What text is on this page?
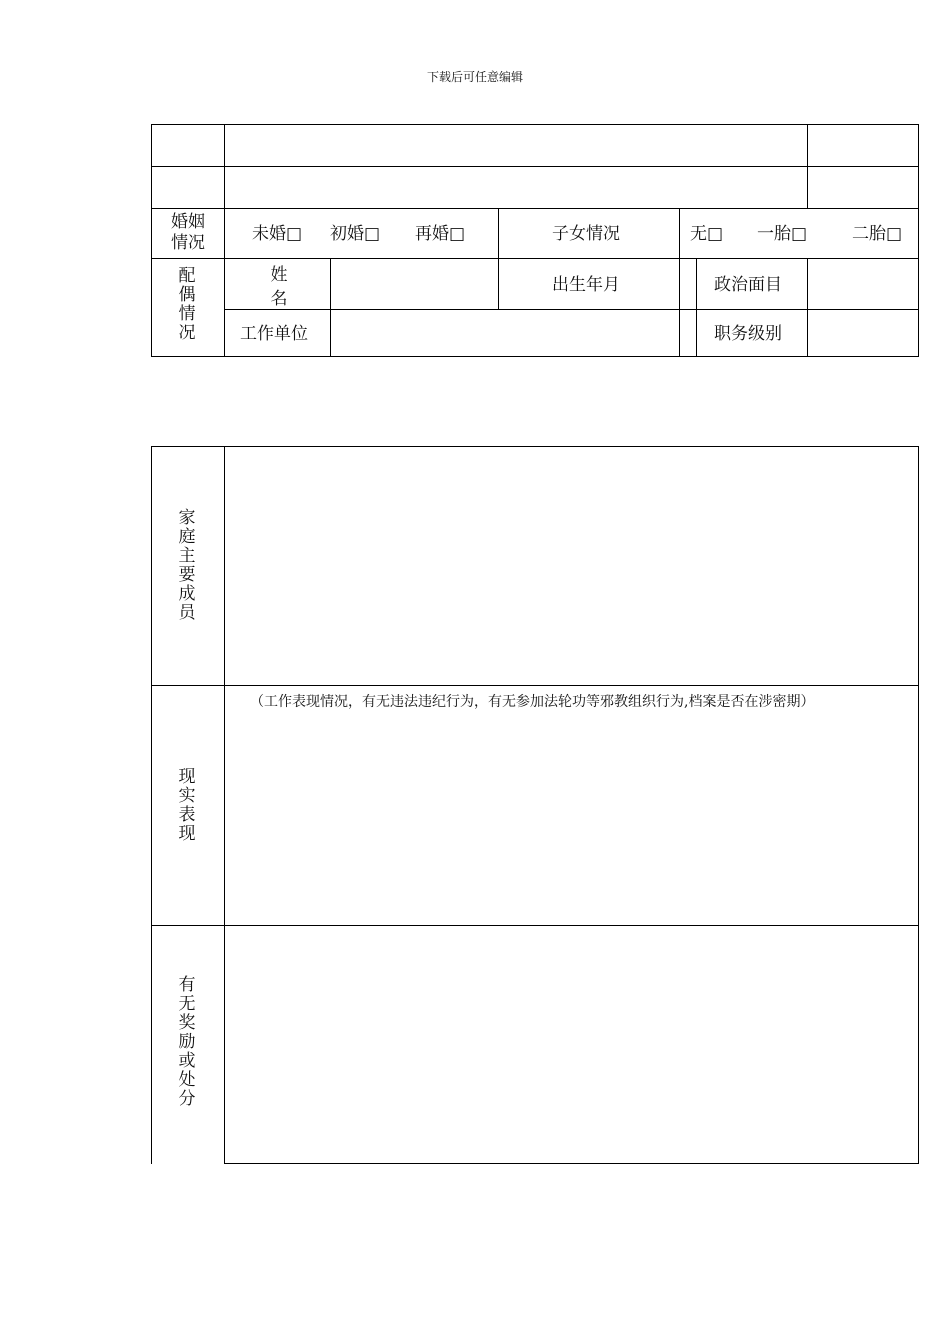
下载后可任意编辑
婚姻情况	未婚□ 初婚□ 再婚□	子女情况	无□ 一胎□	二胎□
配偶情况
姓 名
出生年月	政治面目
工作单位	职务级别
家庭主要成员
现实表现
（工作表现情况，有无违法违纪行为，有无参加法轮功等邪教组织行为,档案是否在涉密期）
有无奖励或处分
